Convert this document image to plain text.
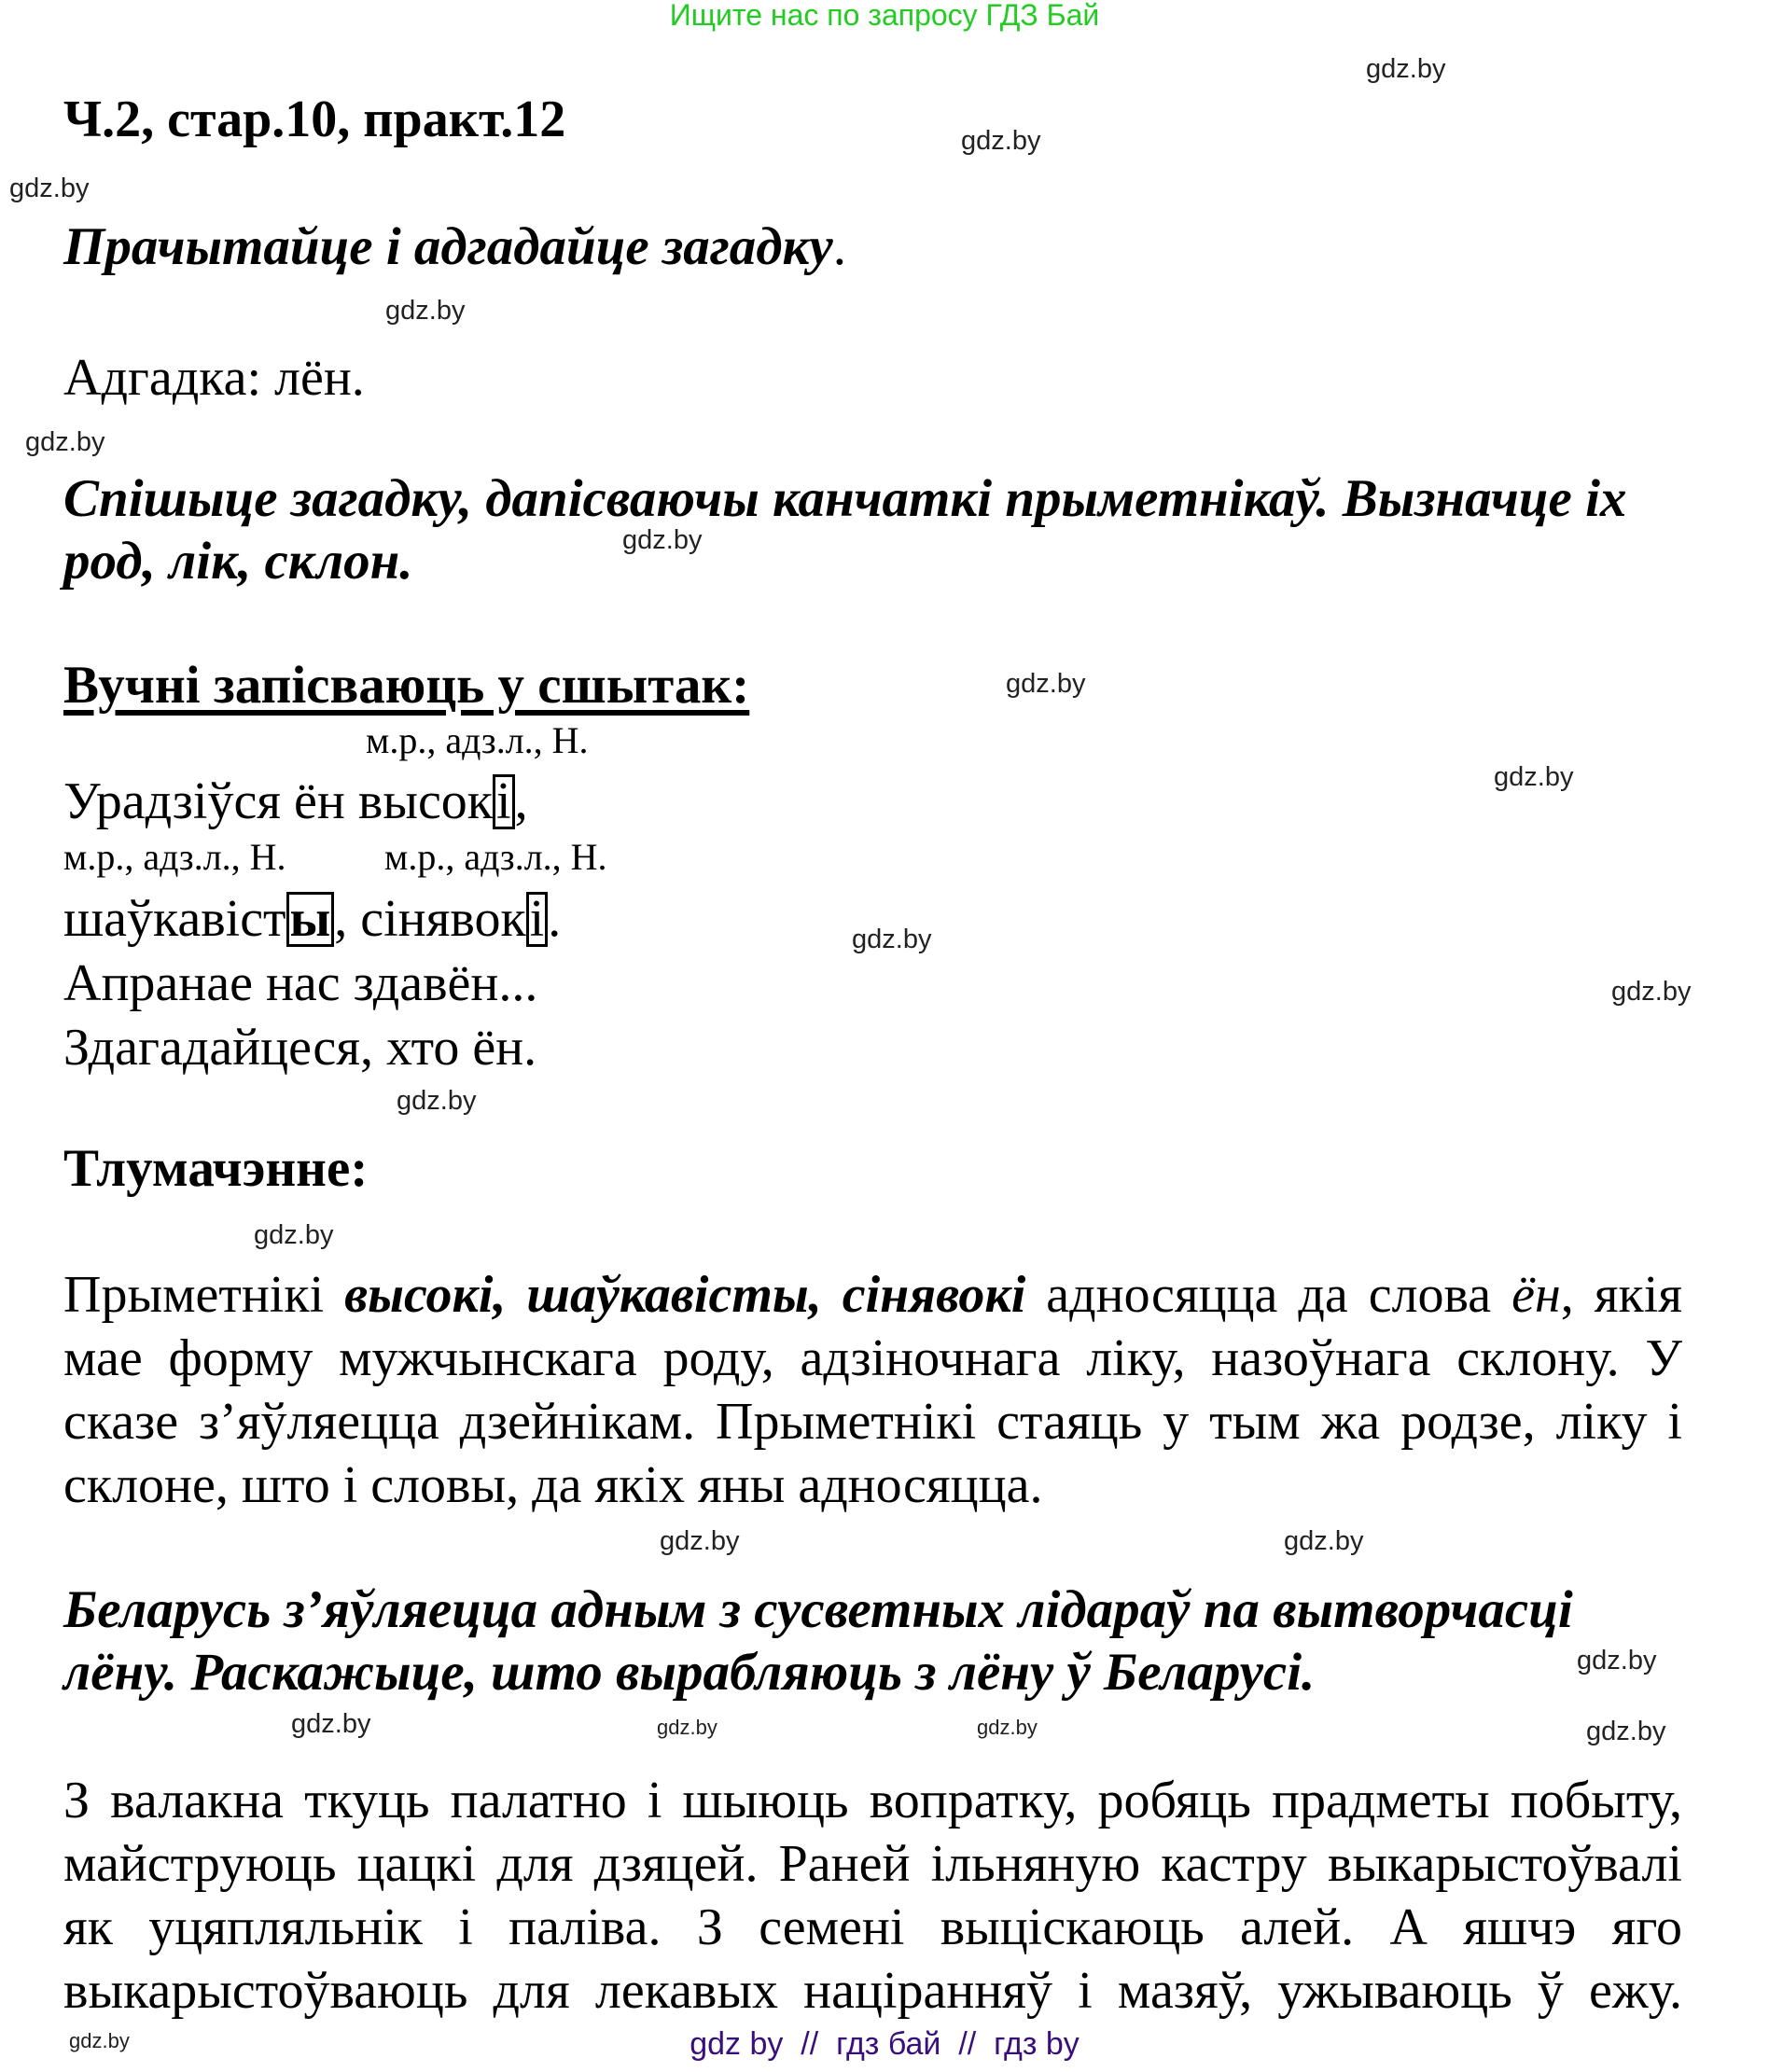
Ищите нас по запросу ГДЗ Бай
Ч.2, стар.10, практ.12
Прачытайце і адгадайце загадку.
Адгадка: лён.
Спішыце загадку, дапісваючы канчаткі прыметнікаў. Вызначце іх
род, лік, склон.
Вучні запісваюць у сшытак:
м.р., адз.л., Н.
Урадзіўся ён высокі,
м.р., адз.л., Н.	м.р., адз.л., Н.
шаўкавісты, сінявокі.
Апранае нас здавён...
Здагадайцеся, хто ён.
Тлумачэнне:
Прыметнікі высокі, шаўкавісты, сінявокі адносяцца да слова ён, якія
мае форму мужчынскага роду, адзіночнага ліку, назоўнага склону. У
сказе з’яўляецца дзейнікам. Прыметнікі стаяць у тым жа родзе, ліку і
склоне, што і словы, да якіх яны адносяцца.
Беларусь з’яўляецца адным з сусветных лідараў па вытворчасці
лёну. Раскажыце, што вырабляюць з лёну ў Беларусі.
З валакна ткуць палатно і шыюць вопратку, робяць прадметы побыту,
майструюць цацкі для дзяцей. Раней ільняную кастру выкарыстоўвалі
як уцяпляльнік і паліва. З семені выціскаюць алей. А яшчэ яго
выкарыстоўваюць для лекавых націранняў і мазяў, ужываюць ў ежу.
gdz.by
gdz.by
gdz.by
gdz.by
gdz.by
gdz.by
gdz.by
gdz.by
gdz.by
gdz.by
gdz.by
gdz.by
gdz.by
gdz.by
gdz.by
gdz.by	gdz.by
gdz.by	gdz.by
gdz.by	gdz by  //  гдз бай  //  гдз by
